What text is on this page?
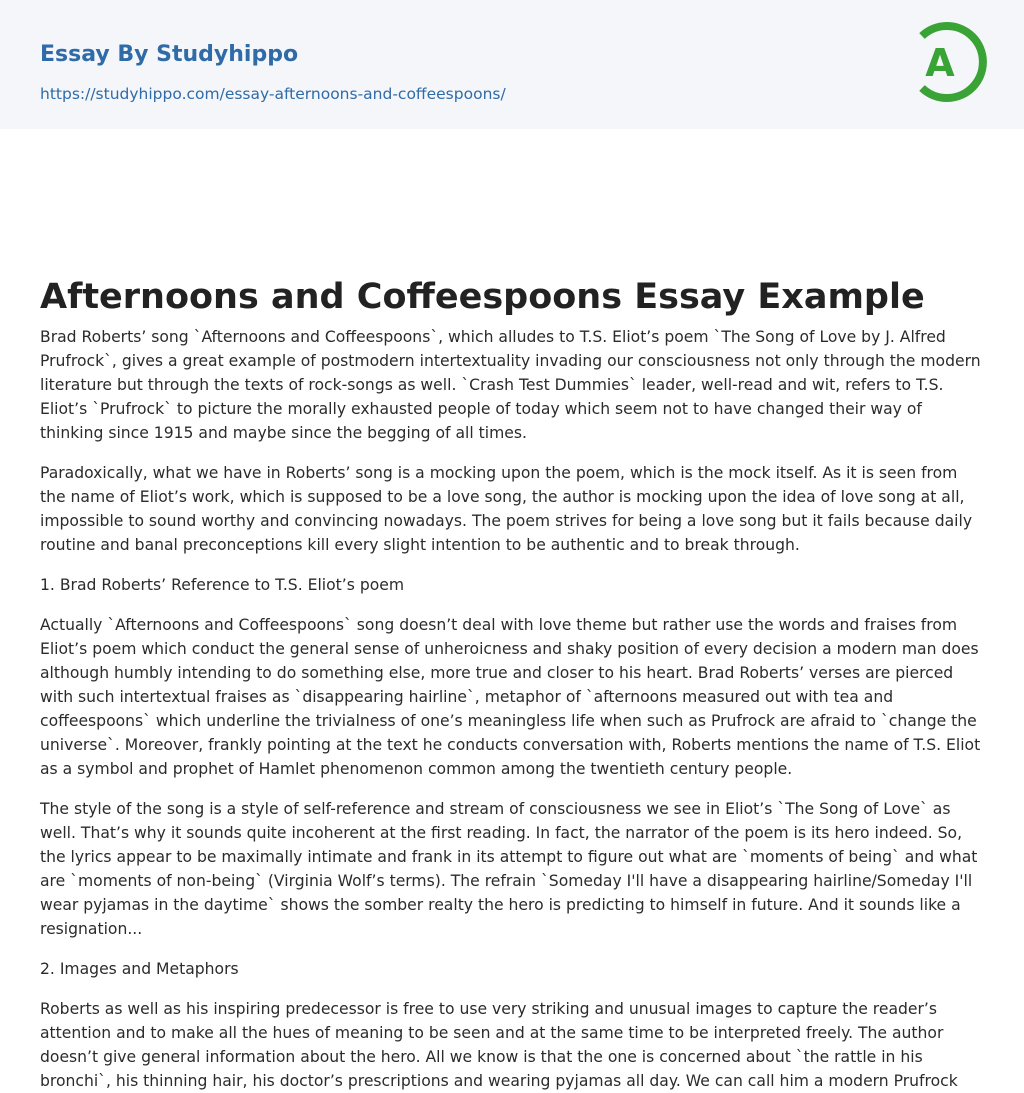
Essay By Studyhippo
https://studyhippo.com/essay-afternoons-and-coffeespoons/
A
Afternoons and Coffeespoons Essay Example

Brad Roberts’ song `Afternoons and Coffeespoons`, which alludes to T.S. Eliot’s poem `The Song of Love by J. Alfred Prufrock`, gives a great example of postmodern intertextuality invading our consciousness not only through the modern literature but through the texts of rock-songs as well. `Crash Test Dummies` leader, well-read and wit, refers to T.S. Eliot’s `Prufrock` to picture the morally exhausted people of today which seem not to have changed their way of thinking since 1915 and maybe since the begging of all times.

Paradoxically, what we have in Roberts’ song is a mocking upon the poem, which is the mock itself. As it is seen from the name of Eliot’s work, which is supposed to be a love song, the author is mocking upon the idea of love song at all, impossible to sound worthy and convincing nowadays. The poem strives for being a love song but it fails because daily routine and banal preconceptions kill every slight intention to be authentic and to break through.

1. Brad Roberts’ Reference to T.S. Eliot’s poem

Actually `Afternoons and Coffeespoons` song doesn’t deal with love theme but rather use the words and fraises from Eliot’s poem which conduct the general sense of unheroicness and shaky position of every decision a modern man does although humbly intending to do something else, more true and closer to his heart. Brad Roberts’ verses are pierced with such intertextual fraises as `disappearing hairline`, metaphor of `afternoons measured out with tea and coffeespoons` which underline the trivialness of one’s meaningless life when such as Prufrock are afraid to `change the universe`. Moreover, frankly pointing at the text he conducts conversation with, Roberts mentions the name of T.S. Eliot as a symbol and prophet of Hamlet phenomenon common among the twentieth century people.

The style of the song is a style of self-reference and stream of consciousness we see in Eliot’s `The Song of Love` as well. That’s why it sounds quite incoherent at the first reading. In fact, the narrator of the poem is its hero indeed. So, the lyrics appear to be maximally intimate and frank in its attempt to figure out what are `moments of being` and what are `moments of non-being` (Virginia Wolf’s terms). The refrain `Someday I'll have a disappearing hairline/Someday I'll wear pyjamas in the daytime` shows the somber realty the hero is predicting to himself in future. And it sounds like a resignation...

2. Images and Metaphors

Roberts as well as his inspiring predecessor is free to use very striking and unusual images to capture the reader’s attention and to make all the hues of meaning to be seen and at the same time to be interpreted freely. The author doesn’t give general information about the hero. All we know is that the one is concerned about `the rattle in his bronchi`, his thinning hair, his doctor’s prescriptions and wearing pyjamas all day. We can call him a modern Prufrock
